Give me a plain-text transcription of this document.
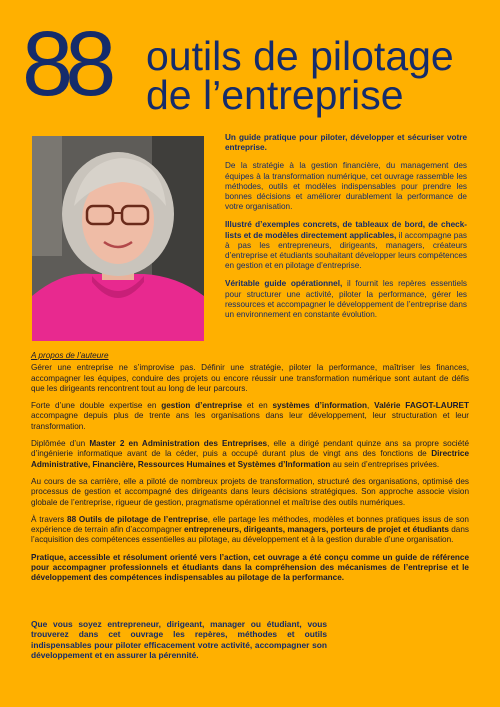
88 outils de pilotage
de l’entreprise

Un guide pratique pour piloter, développer et sécuriser votre entreprise.

De la stratégie à la gestion financière, du management des équipes à la transformation numérique, cet ouvrage rassemble les méthodes, outils et modèles indispensables pour prendre les bonnes décisions et améliorer durablement la performance de votre organisation.

Illustré d’exemples concrets, de tableaux de bord, de check-lists et de modèles directement applicables, il accompagne pas à pas les entrepreneurs, dirigeants, managers, créateurs d’entreprise et étudiants souhaitant développer leurs compétences en gestion et en pilotage d’entreprise.

Véritable guide opérationnel, il fournit les repères essentiels pour structurer une activité, piloter la performance, gérer les ressources et accompagner le développement de l’entreprise dans un environnement en constante évolution.

A propos de l’auteure

Gérer une entreprise ne s’improvise pas. Définir une stratégie, piloter la performance, maîtriser les finances, accompagner les équipes, conduire des projets ou encore réussir une transformation numérique sont autant de défis que les dirigeants rencontrent tout au long de leur parcours.

Forte d’une double expertise en gestion d’entreprise et en systèmes d’information, Valérie FAGOT-LAURET accompagne depuis plus de trente ans les organisations dans leur développement, leur structuration et leur transformation.

Diplômée d’un Master 2 en Administration des Entreprises, elle a dirigé pendant quinze ans sa propre société d’ingénierie informatique avant de la céder, puis a occupé durant plus de vingt ans des fonctions de Directrice Administrative, Financière, Ressources Humaines et Systèmes d’Information au sein d’entreprises privées.

Au cours de sa carrière, elle a piloté de nombreux projets de transformation, structuré des organisations, optimisé des processus de gestion et accompagné des dirigeants dans leurs décisions stratégiques. Son approche associe vision globale de l’entreprise, rigueur de gestion, pragmatisme opérationnel et maîtrise des outils numériques.

À travers 88 Outils de pilotage de l’entreprise, elle partage les méthodes, modèles et bonnes pratiques issus de son expérience de terrain afin d’accompagner entrepreneurs, dirigeants, managers, porteurs de projet et étudiants dans l’acquisition des compétences essentielles au pilotage, au développement et à la gestion durable d’une organisation.

Pratique, accessible et résolument orienté vers l’action, cet ouvrage a été conçu comme un guide de référence pour accompagner professionnels et étudiants dans la compréhension des mécanismes de l’entreprise et le développement des compétences indispensables au pilotage de la performance.

Que vous soyez entrepreneur, dirigeant, manager ou étudiant, vous trouverez dans cet ouvrage les repères, méthodes et outils indispensables pour piloter efficacement votre activité, accompagner son développement et en assurer la pérennité.
